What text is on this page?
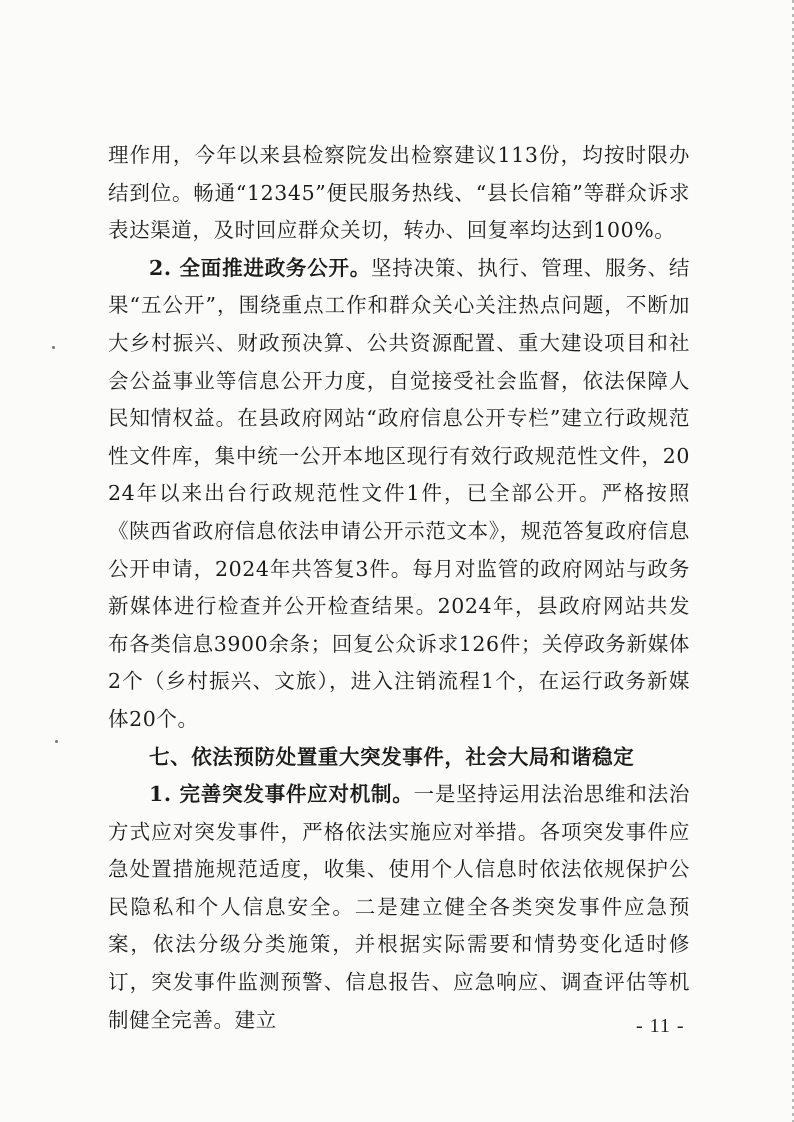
理作用，今年以来县检察院发出检察建议113份，均按时限办结到位。畅通“12345”便民服务热线、“县长信箱”等群众诉求表达渠道，及时回应群众关切，转办、回复率均达到100%。

2. 全面推进政务公开。坚持决策、执行、管理、服务、结果“五公开”，围绕重点工作和群众关心关注热点问题，不断加大乡村振兴、财政预决算、公共资源配置、重大建设项目和社会公益事业等信息公开力度，自觉接受社会监督，依法保障人民知情权益。在县政府网站“政府信息公开专栏”建立行政规范性文件库，集中统一公开本地区现行有效行政规范性文件，2024年以来出台行政规范性文件1件，已全部公开。严格按照《陕西省政府信息依法申请公开示范文本》，规范答复政府信息公开申请，2024年共答复3件。每月对监管的政府网站与政务新媒体进行检查并公开检查结果。2024年，县政府网站共发布各类信息3900余条；回复公众诉求126件；关停政务新媒体2个（乡村振兴、文旅），进入注销流程1个，在运行政务新媒体20个。

七、依法预防处置重大突发事件，社会大局和谐稳定

1. 完善突发事件应对机制。一是坚持运用法治思维和法治方式应对突发事件，严格依法实施应对举措。各项突发事件应急处置措施规范适度，收集、使用个人信息时依法依规保护公民隐私和个人信息安全。二是建立健全各类突发事件应急预案，依法分级分类施策，并根据实际需要和情势变化适时修订，突发事件监测预警、信息报告、应急响应、调查评估等机制健全完善。建立	- 11 -
